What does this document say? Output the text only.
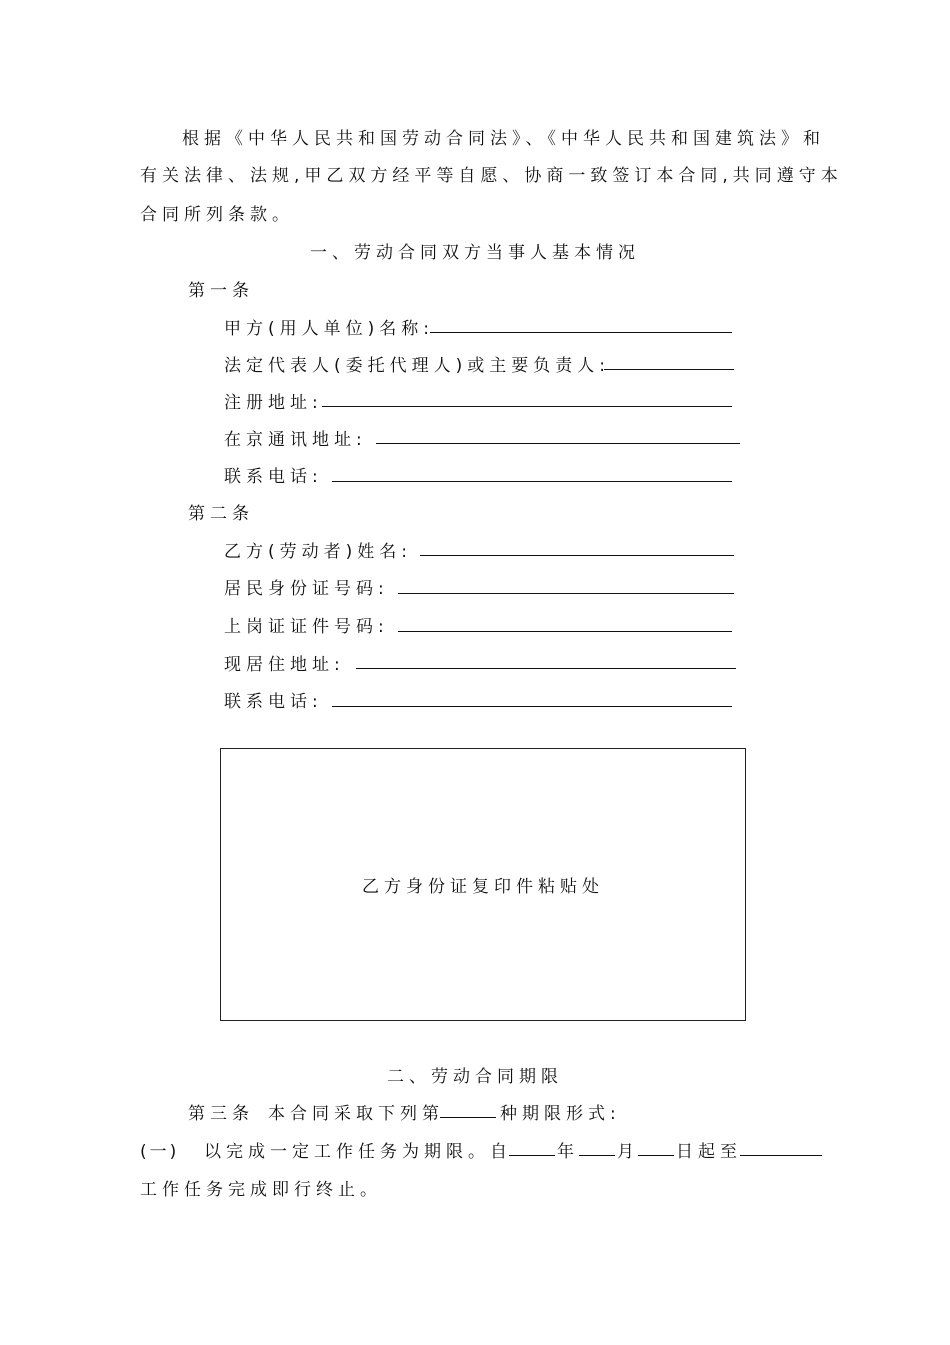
根据《中华人民共和国劳动合同法》、《中华人民共和国建筑法》和
有关法律、法规,甲乙双方经平等自愿、协商一致签订本合同,共同遵守本
合同所列条款。
一、劳动合同双方当事人基本情况
第一条
甲方(用人单位)名称:
法定代表人(委托代理人)或主要负责人:
注册地址:
在京通讯地址:
联系电话:
第二条
乙方(劳动者)姓名:
居民身份证号码:
上岗证证件号码:
现居住地址:
联系电话:
乙方身份证复印件粘贴处
二、劳动合同期限
第三条 本合同采取下列第	种期限形式:
(一) 以完成一定工作任务为期限。自	年 月 日起至
工作任务完成即行终止。
